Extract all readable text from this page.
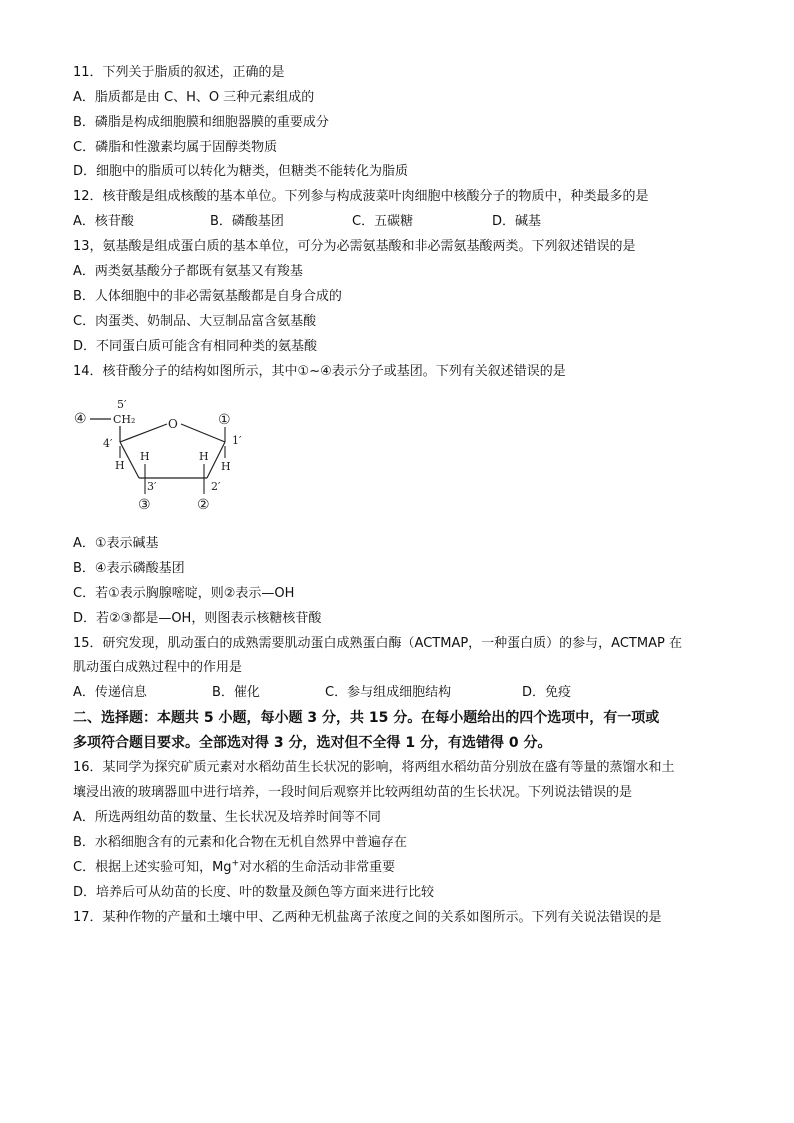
11．下列关于脂质的叙述，正确的是
A．脂质都是由 C、H、O 三种元素组成的
B．磷脂是构成细胞膜和细胞器膜的重要成分
C．磷脂和性激素均属于固醇类物质
D．细胞中的脂质可以转化为糖类，但糖类不能转化为脂质
12．核苷酸是组成核酸的基本单位。下列参与构成菠菜叶肉细胞中核酸分子的物质中，种类最多的是
A．核苷酸	B．磷酸基团	C．五碳糖	D．碱基
13，氨基酸是组成蛋白质的基本单位，可分为必需氨基酸和非必需氨基酸两类。下列叙述错误的是
A．两类氨基酸分子都既有氨基又有羧基
B．人体细胞中的非必需氨基酸都是自身合成的
C．肉蛋类、奶制品、大豆制品富含氨基酸
D．不同蛋白质可能含有相同种类的氨基酸
14．核苷酸分子的结构如图所示，其中①~④表示分子或基团。下列有关叙述错误的是
④
5′
CH₂	O
4′
H
①
1′
H
H
3′
③
H
2′
②
A．①表示碱基
B．④表示磷酸基团
C．若①表示胸腺嘧啶，则②表示—OH
D．若②③都是—OH，则图表示核糖核苷酸
15．研究发现，肌动蛋白的成熟需要肌动蛋白成熟蛋白酶（ACTMAP，一种蛋白质）的参与，ACTMAP 在
肌动蛋白成熟过程中的作用是
A．传递信息	B．催化	C．参与组成细胞结构	D．免疫
二、选择题：本题共 5 小题，每小题 3 分，共 15 分。在每小题给出的四个选项中，有一项或
多项符合题目要求。全部选对得 3 分，选对但不全得 1 分，有选错得 0 分。
16．某同学为探究矿质元素对水稻幼苗生长状况的影响，将两组水稻幼苗分别放在盛有等量的蒸馏水和土
壤浸出液的玻璃器皿中进行培养，一段时间后观察并比较两组幼苗的生长状况。下列说法错误的是
A．所选两组幼苗的数量、生长状况及培养时间等不同
B．水稻细胞含有的元素和化合物在无机自然界中普遍存在
C．根据上述实验可知，Mg+对水稻的生命活动非常重要
D．培养后可从幼苗的长度、叶的数量及颜色等方面来进行比较
17．某种作物的产量和土壤中甲、乙两种无机盐离子浓度之间的关系如图所示。下列有关说法错误的是
